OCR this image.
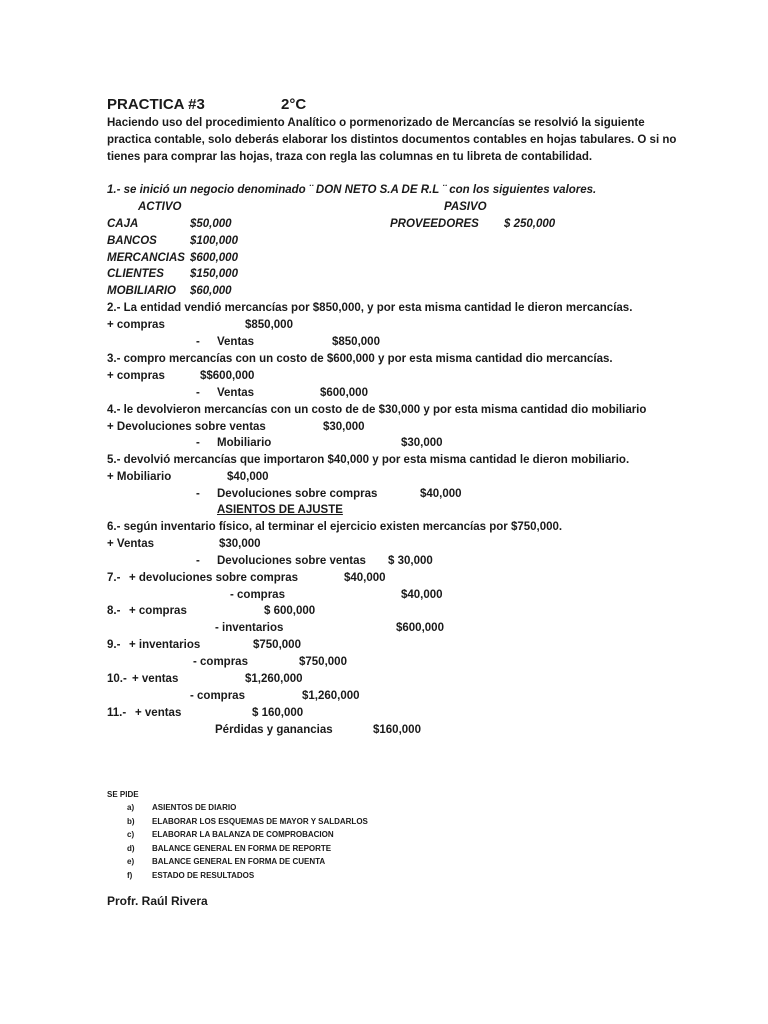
PRACTICA #3	2°C

Haciendo uso del procedimiento Analítico o pormenorizado de Mercancías se resolvió la siguiente

practica contable, solo deberás elaborar los distintos documentos contables en hojas tabulares. O si no

tienes para comprar las hojas, traza con regla las columnas en tu libreta de contabilidad.

1.- se inició un negocio denominado ¨ DON NETO S.A DE R.L ¨ con los siguientes valores.
ACTIVO	PASIVO
CAJA	$50,000	PROVEEDORES $ 250,000
BANCOS	$100,000
MERCANCIAS $600,000
CLIENTES $150,000
MOBILIARIO $60,000
2.- La entidad vendió mercancías por $850,000, y por esta misma cantidad le dieron mercancías.
+ compras	$850,000
- Ventas	$850,000
3.- compro mercancías con un costo de $600,000 y por esta misma cantidad dio mercancías.
+ compras	$$600,000
- Ventas	$600,000
4.- le devolvieron mercancías con un costo de de $30,000 y por esta misma cantidad dio mobiliario
+ Devoluciones sobre ventas	$30,000
- Mobiliario	$30,000
5.- devolvió mercancías que importaron $40,000 y por esta misma cantidad le dieron mobiliario.
+ Mobiliario	$40,000
- Devoluciones sobre compras	$40,000
ASIENTOS DE AJUSTE
6.- según inventario físico, al terminar el ejercicio existen mercancías por $750,000.
+ Ventas	$30,000
- Devoluciones sobre ventas $ 30,000
7.- + devoluciones sobre compras	$40,000
- compras	$40,000
8.- + compras	$ 600,000
- inventarios	$600,000
9.- + inventarios	$750,000
- compras	$750,000
10.- + ventas	$1,260,000
- compras	$1,260,000
11.- + ventas	$ 160,000
Pérdidas y ganancias	$160,000
SE PIDE
a) ASIENTOS DE DIARIO
b) ELABORAR LOS ESQUEMAS DE MAYOR Y SALDARLOS
c) ELABORAR LA BALANZA DE COMPROBACION
d) BALANCE GENERAL EN FORMA DE REPORTE
e) BALANCE GENERAL EN FORMA DE CUENTA
f) ESTADO DE RESULTADOS
Profr. Raúl Rivera
